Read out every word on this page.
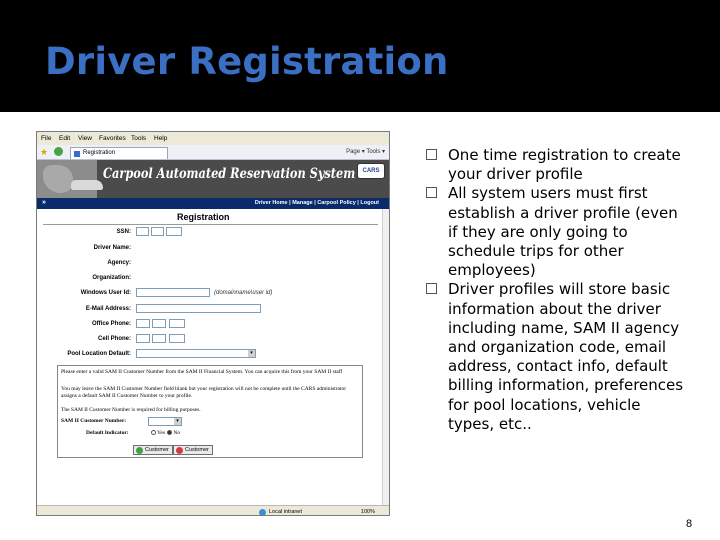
Driver Registration
File Edit View Favorites Tools Help
★	Registration	Page ▾ Tools ▾
Carpool Automated Reservation System	CARS
»	Driver Home | Manage | Carpool Policy | Logout
Registration
SSN:
Driver Name:
Agency:
Organization:
Windows User Id:	(domainname\user id)
E-Mail Address:
Office Phone:
Cell Phone:
Pool Location Default:	▾
Please enter a valid SAM II Customer Number from the SAM II Financial System. You can acquire this from your SAM II staff
You may leave the SAM II Customer Number field blank but your registration will not be complete until the CARS administrator assigns a default SAM II Customer Number to your profile.
The SAM II Customer Number is required for billing purposes.
SAM II Customer Number:	▾
Default Indicator:	Yes No
Customer	Customer
Local intranet	100%
One time registration to create your driver profile
All system users must first establish a driver profile (even if they are only going to schedule trips for other employees)
Driver profiles will store basic information about the driver including name, SAM II agency and organization code, email address, contact info, default billing information, preferences for pool locations, vehicle types, etc..
8
